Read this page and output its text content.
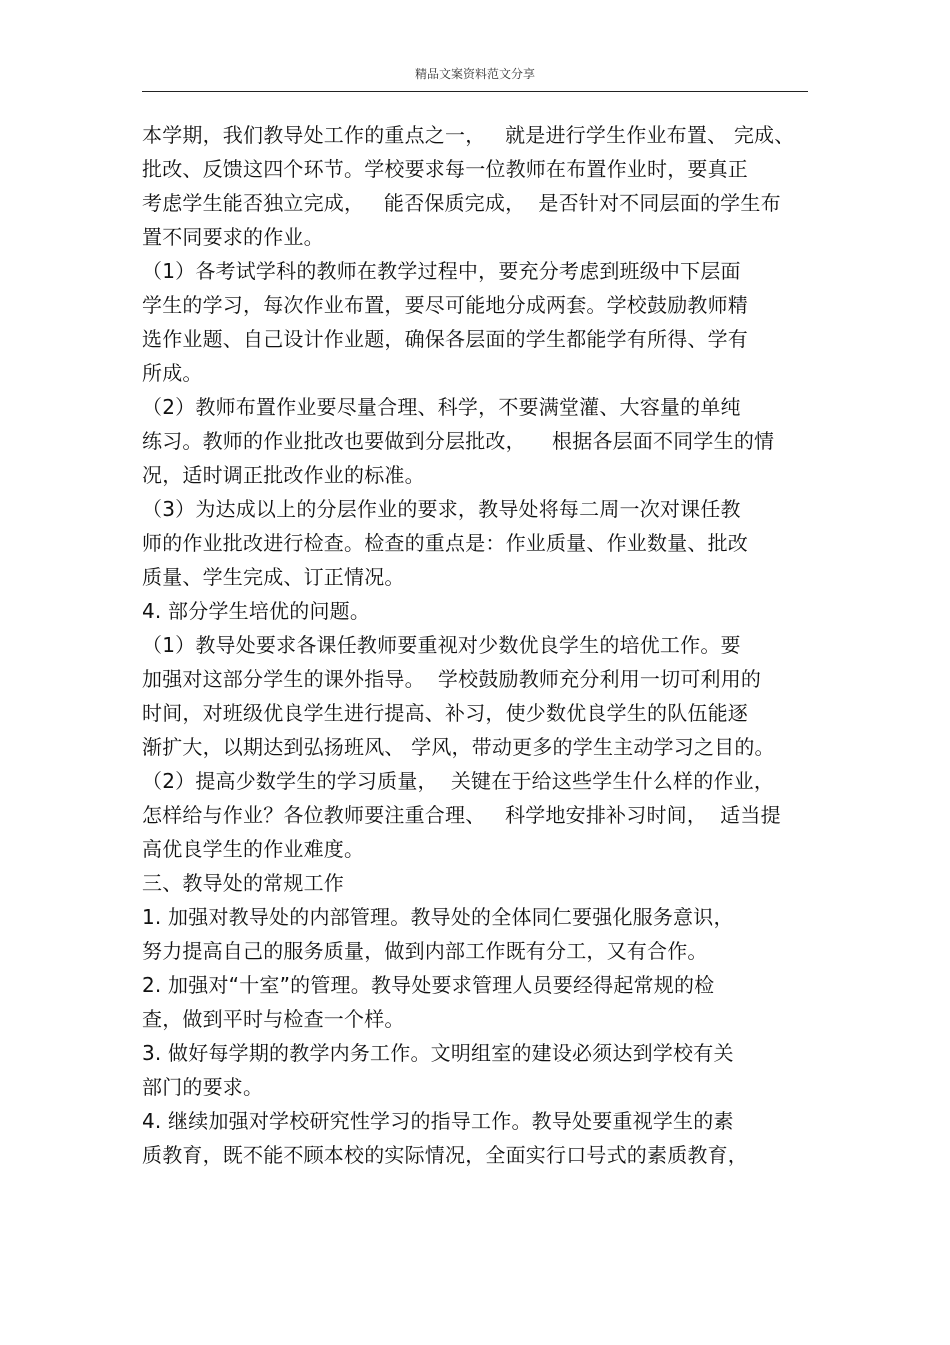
精品文案资料范文分享
本学期，我们教导处工作的重点之一，   就是进行学生作业布置、 完成、
批改、反馈这四个环节。学校要求每一位教师在布置作业时，要真正
考虑学生能否独立完成，   能否保质完成，  是否针对不同层面的学生布
置不同要求的作业。
（1）各考试学科的教师在教学过程中，要充分考虑到班级中下层面
学生的学习，每次作业布置，要尽可能地分成两套。学校鼓励教师精
选作业题、自己设计作业题，确保各层面的学生都能学有所得、学有
所成。
（2）教师布置作业要尽量合理、科学，不要满堂灌、大容量的单纯
练习。教师的作业批改也要做到分层批改，    根据各层面不同学生的情
况，适时调正批改作业的标准。
（3）为达成以上的分层作业的要求，教导处将每二周一次对课任教
师的作业批改进行检查。检查的重点是：作业质量、作业数量、批改
质量、学生完成、订正情况。
4. 部分学生培优的问题。
（1）教导处要求各课任教师要重视对少数优良学生的培优工作。要
加强对这部分学生的课外指导。  学校鼓励教师充分利用一切可利用的
时间，对班级优良学生进行提高、补习，使少数优良学生的队伍能逐
渐扩大，以期达到弘扬班风、 学风，带动更多的学生主动学习之目的。
（2）提高少数学生的学习质量，  关键在于给这些学生什么样的作业，
怎样给与作业？各位教师要注重合理、   科学地安排补习时间，  适当提
高优良学生的作业难度。
三、教导处的常规工作
1. 加强对教导处的内部管理。教导处的全体同仁要强化服务意识，
努力提高自己的服务质量，做到内部工作既有分工，又有合作。
2. 加强对“十室”的管理。教导处要求管理人员要经得起常规的检
查，做到平时与检查一个样。
3. 做好每学期的教学内务工作。文明组室的建设必须达到学校有关
部门的要求。
4. 继续加强对学校研究性学习的指导工作。教导处要重视学生的素
质教育，既不能不顾本校的实际情况，全面实行口号式的素质教育，
